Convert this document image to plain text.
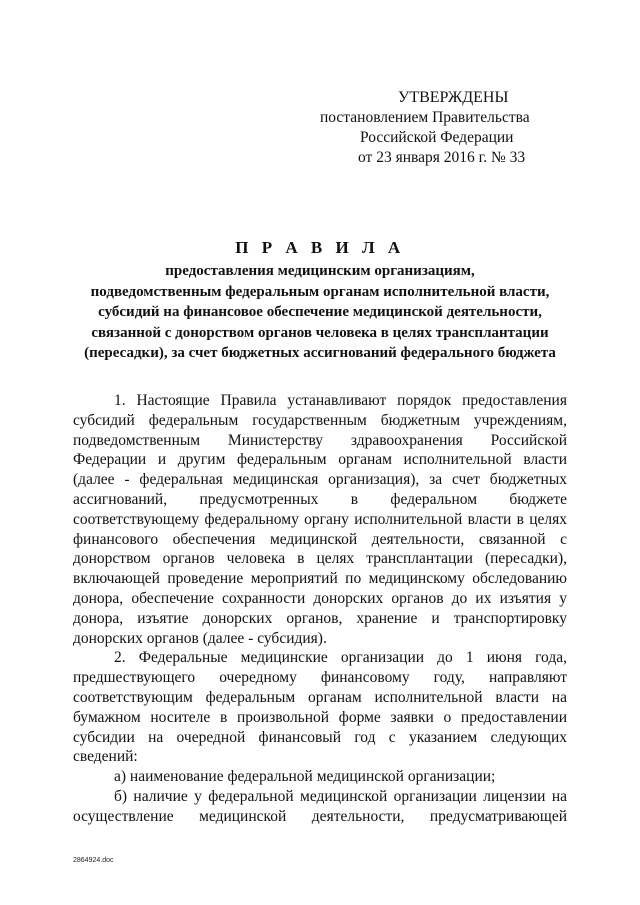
УТВЕРЖДЕНЫ
постановлением Правительства
Российской Федерации
от 23 января 2016 г. № 33
П Р А В И Л А
предоставления медицинским организациям,
подведомственным федеральным органам исполнительной власти,
субсидий на финансовое обеспечение медицинской деятельности,
связанной с донорством органов человека в целях трансплантации
(пересадки), за счет бюджетных ассигнований федерального бюджета
1. Настоящие Правила устанавливают порядок предоставления
субсидий федеральным государственным бюджетным учреждениям,
подведомственным Министерству здравоохранения Российской
Федерации и другим федеральным органам исполнительной власти
(далее - федеральная медицинская организация), за счет бюджетных
ассигнований, предусмотренных в федеральном бюджете
соответствующему федеральному органу исполнительной власти в целях
финансового обеспечения медицинской деятельности, связанной с
донорством органов человека в целях трансплантации (пересадки),
включающей проведение мероприятий по медицинскому обследованию
донора, обеспечение сохранности донорских органов до их изъятия у
донора, изъятие донорских органов, хранение и транспортировку
донорских органов (далее - субсидия).
2. Федеральные медицинские организации до 1 июня года,
предшествующего очередному финансовому году, направляют
соответствующим федеральным органам исполнительной власти на
бумажном носителе в произвольной форме заявки о предоставлении
субсидии на очередной финансовый год с указанием следующих
сведений:
а) наименование федеральной медицинской организации;
б) наличие у федеральной медицинской организации лицензии на
осуществление медицинской деятельности, предусматривающей
2864924.doc
